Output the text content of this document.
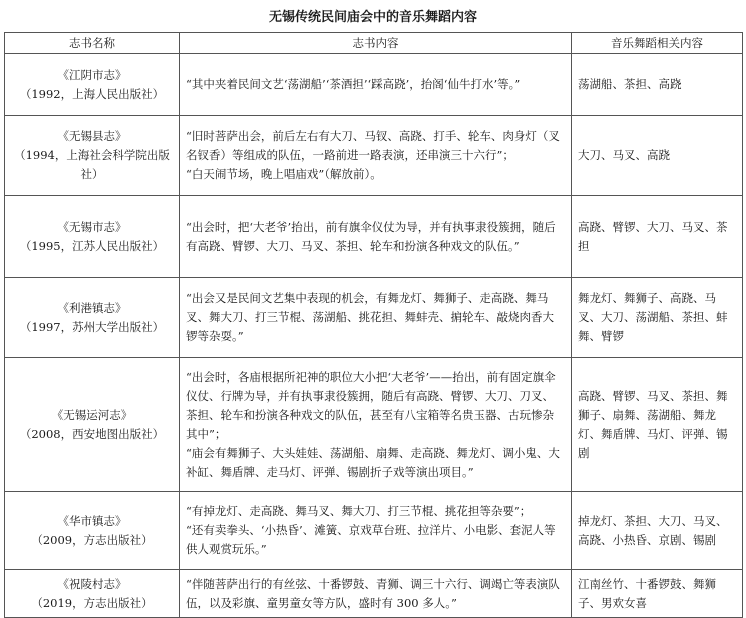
无锡传统民间庙会中的音乐舞蹈内容
志书名称	志书内容	音乐舞蹈相关内容

《江阴市志》
（1992，上海人民出版社）	“其中夹着民间文艺‘荡湖船’‘茶酒担’‘踩高跷’，抬阁‘仙牛打水’等。”	荡湖船、茶担、高跷

《无锡县志》
（1994，上海社会科学院出版社）	“旧时菩萨出会，前后左右有大刀、马钗、高跷、打手、轮车、肉身灯（叉名钗香）等组成的队伍，一路前进一路表演，还串演三十六行”；
“白天闹节场，晚上唱庙戏”（解放前）。	大刀、马叉、高跷

《无锡市志》
（1995，江苏人民出版社）	“出会时，把‘大老爷’抬出，前有旗伞仪仗为导，并有执事隶役簇拥，随后有高跷、臂锣、大刀、马叉、茶担、轮车和扮演各种戏文的队伍。”	高跷、臂锣、大刀、马叉、茶担

《利港镇志》
（1997，苏州大学出版社）	“出会又是民间文艺集中表现的机会，有舞龙灯、舞狮子、走高跷、舞马叉、舞大刀、打三节棍、荡湖船、挑花担、舞蚌壳、掮轮车、敲烧肉香大锣等杂耍。”	舞龙灯、舞狮子、高跷、马叉、大刀、荡湖船、茶担、蚌舞、臂锣

《无锡运河志》
（2008，西安地图出版社）	“出会时，各庙根据所祀神的职位大小把‘大老爷’——抬出，前有固定旗伞仪仗、行牌为导，并有执事隶役簇拥，随后有高跷、臂锣、大刀、刀叉、茶担、轮车和扮演各种戏文的队伍，甚至有八宝箱等名贵玉器、古玩惨杂其中”；
“庙会有舞狮子、大头娃娃、荡湖船、扇舞、走高跷、舞龙灯、调小鬼、大补缸、舞盾牌、走马灯、评弹、锡剧折子戏等演出项目。”	高跷、臂锣、马叉、茶担、舞狮子、扇舞、荡湖船、舞龙灯、舞盾牌、马灯、评弹、锡剧

《华市镇志》
（2009，方志出版社）	“有掉龙灯、走高跷、舞马叉、舞大刀、打三节棍、挑花担等杂要”；
“还有卖拳头、‘小热昏’、滩簧、京戏草台班、拉洋片、小电影、套泥人等供人观赏玩乐。”	掉龙灯、茶担、大刀、马叉、高跷、小热昏、京剧、锡剧

《祝陵村志》
（2019，方志出版社）	“伴随菩萨出行的有丝弦、十番锣鼓、青狮、调三十六行、调竭亡等表演队伍，以及彩旗、童男童女等方队，盛时有 300 多人。”	江南丝竹、十番锣鼓、舞狮子、男欢女喜
